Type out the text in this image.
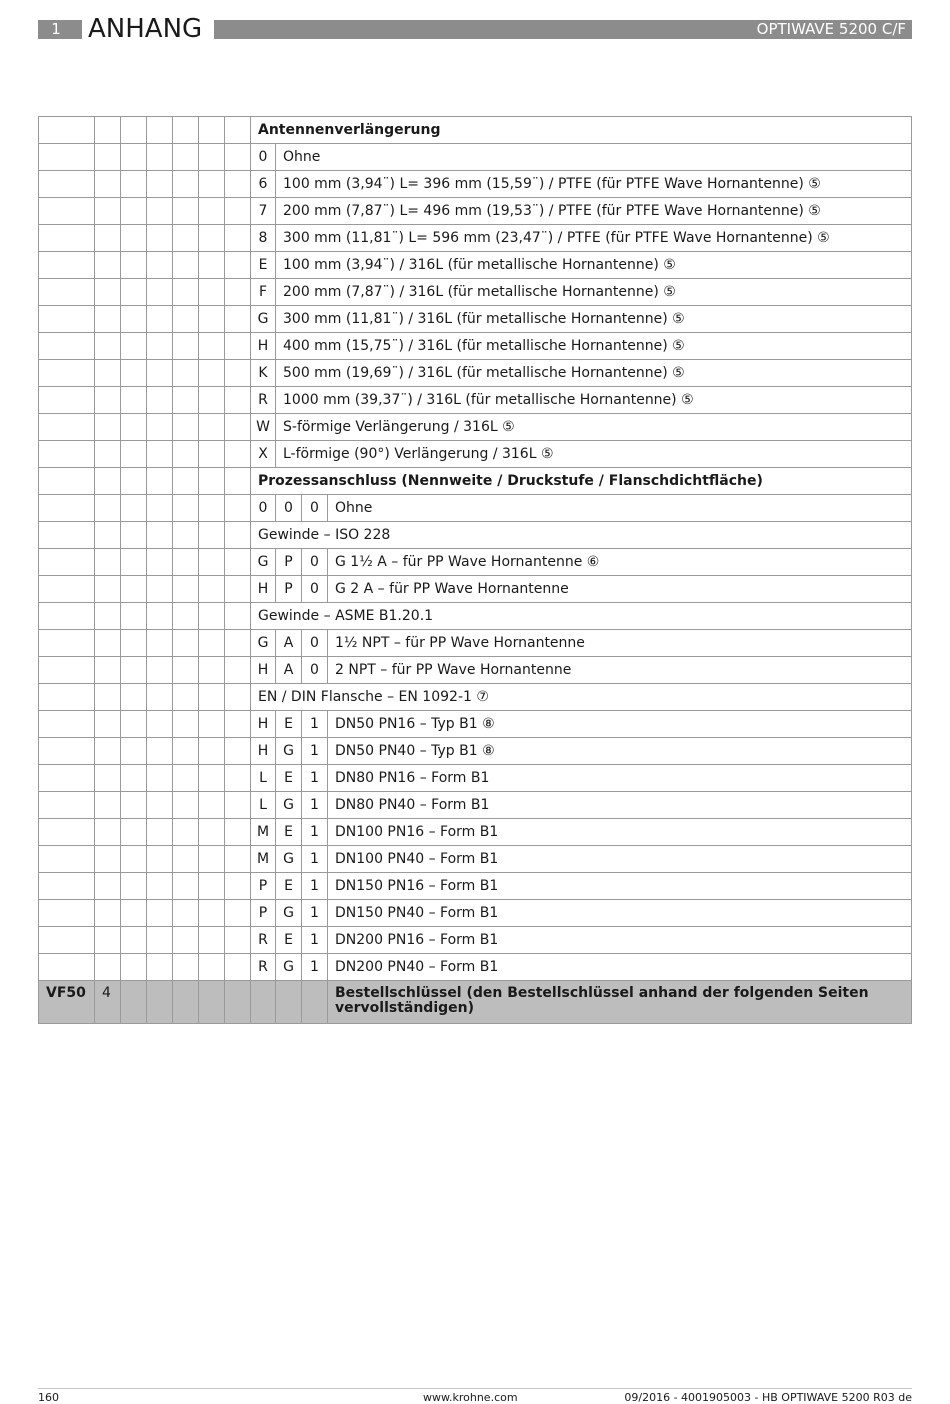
1 0
ANHANG	OPTIWAVE 5200 C/F
							Antennenverlängerung			
							0	Ohne		
							6	100 mm (3,94¨) L= 396 mm (15,59¨) / PTFE (für PTFE Wave Hornantenne) ⑤		
							7	200 mm (7,87¨) L= 496 mm (19,53¨) / PTFE (für PTFE Wave Hornantenne) ⑤		
							8	300 mm (11,81¨) L= 596 mm (23,47¨) / PTFE (für PTFE Wave Hornantenne) ⑤		
							E	100 mm (3,94¨) / 316L (für metallische Hornantenne) ⑤		
							F	200 mm (7,87¨) / 316L (für metallische Hornantenne) ⑤		
							G	300 mm (11,81¨) / 316L (für metallische Hornantenne) ⑤		
							H	400 mm (15,75¨) / 316L (für metallische Hornantenne) ⑤		
							K	500 mm (19,69¨) / 316L (für metallische Hornantenne) ⑤		
							R	1000 mm (39,37¨) / 316L (für metallische Hornantenne) ⑤		
							W	S-förmige Verlängerung / 316L ⑤		
							X	L-förmige (90°) Verlängerung / 316L ⑤		
							Prozessanschluss (Nennweite / Druckstufe / Flanschdichtfläche)			
							0	0	0	Ohne
							Gewinde – ISO 228			
							G	P	0	G 1½ A – für PP Wave Hornantenne ⑥
							H	P	0	G 2 A – für PP Wave Hornantenne
							Gewinde – ASME B1.20.1			
							G	A	0	1½ NPT – für PP Wave Hornantenne
							H	A	0	2 NPT – für PP Wave Hornantenne
							EN / DIN Flansche – EN 1092-1 ⑦			
							H	E	1	DN50 PN16 – Typ B1 ⑧
							H	G	1	DN50 PN40 – Typ B1 ⑧
							L	E	1	DN80 PN16 – Form B1
							L	G	1	DN80 PN40 – Form B1
							M	E	1	DN100 PN16 – Form B1
							M	G	1	DN100 PN40 – Form B1
							P	E	1	DN150 PN16 – Form B1
							P	G	1	DN150 PN40 – Form B1
							R	E	1	DN200 PN16 – Form B1
							R	G	1	DN200 PN40 – Form B1
VF50	4									Bestellschlüssel (den Bestellschlüssel anhand der folgenden Seiten vervollständigen)
160	www.krohne.com	09/2016 - 4001905003 - HB OPTIWAVE 5200 R03 de
